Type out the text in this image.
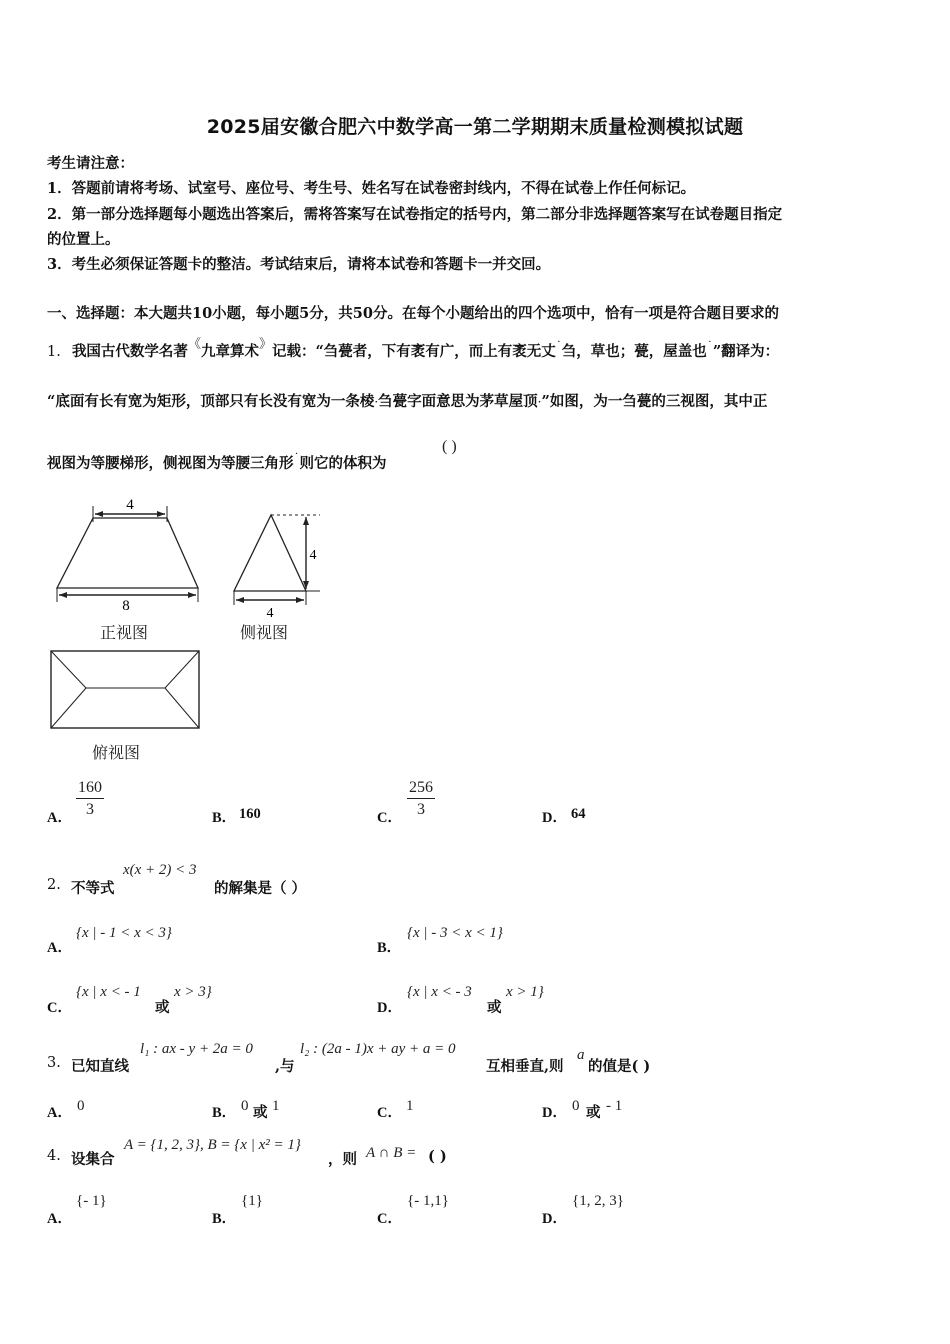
2025届安徽合肥六中数学高一第二学期期末质量检测模拟试题
考生请注意：
1．答题前请将考场、试室号、座位号、考生号、姓名写在试卷密封线内，不得在试卷上作任何标记。
2．第一部分选择题每小题选出答案后，需将答案写在试卷指定的括号内，第二部分非选择题答案写在试卷题目指定
的位置上。
3．考生必须保证答题卡的整洁。考试结束后，请将本试卷和答题卡一并交回。
一、选择题：本大题共10小题，每小题5分，共50分。在每个小题给出的四个选项中，恰有一项是符合题目要求的
1. 我国古代数学名著《九章算术》记载：“刍甍者，下有袤有广，而上有袤无丈˙刍，草也；甍，屋盖也˙”翻译为：
“底面有长有宽为矩形，顶部只有长没有宽为一条棱·刍甍字面意思为茅草屋顶·”如图，为一刍甍的三视图，其中正
视图为等腰梯形，侧视图为等腰三角形˙则它的体积为
( )
4
8
正视图
4
4
侧视图
俯视图
A． $\frac{160}{3}$	B． 160	C． $\frac{256}{3}$	D． 64
2. 不等式
x(x + 2) < 3
的解集是（ ）
A．
{x | - 1 < x < 3}
B．
{x | - 3 < x < 1}
C．
{x | x < - 1
或
x > 3}
D．
{x | x < - 3
或
x > 1}
3. 已知直线
l₁ : ax - y + 2a = 0
,与
l₂ : (2a - 1)x + ay + a = 0
互相垂直,则
a
的值是( )
A． 0	B． 0 或 1	C． 1	D． 0 或 - 1
4. 设集合
A = {1, 2, 3}, B = {x | x² = 1}
，则 A ∩ B = ( )
A．
{- 1}
B．
{1}
C．
{- 1,1}
D．
{1, 2, 3}
